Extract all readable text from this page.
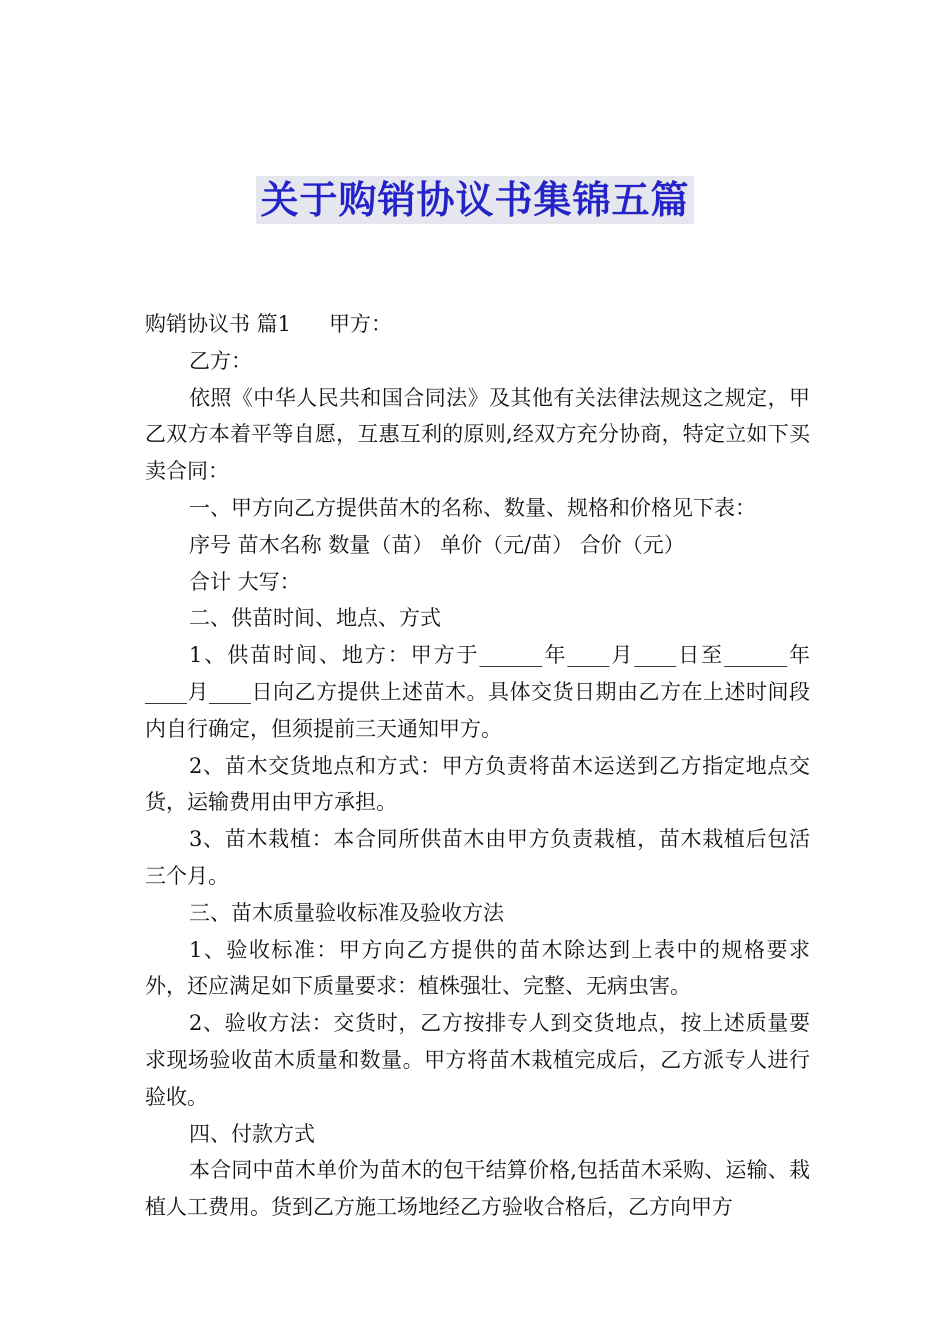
关于购销协议书集锦五篇

购销协议书 篇1 甲方：

乙方：

依照《中华人民共和国合同法》及其他有关法律法规这之规定，甲乙双方本着平等自愿，互惠互利的原则,经双方充分协商，特定立如下买卖合同：

一、甲方向乙方提供苗木的名称、数量、规格和价格见下表：

序号 苗木名称 数量（苗） 单价（元/苗） 合价（元）

合计 大写：

二、供苗时间、地点、方式

1、供苗时间、地方：甲方于______年____月____日至______年____月____日向乙方提供上述苗木。具体交货日期由乙方在上述时间段内自行确定，但须提前三天通知甲方。

2、苗木交货地点和方式：甲方负责将苗木运送到乙方指定地点交货，运输费用由甲方承担。

3、苗木栽植：本合同所供苗木由甲方负责栽植，苗木栽植后包活三个月。

三、苗木质量验收标准及验收方法

1、验收标准：甲方向乙方提供的苗木除达到上表中的规格要求外，还应满足如下质量要求：植株强壮、完整、无病虫害。

2、验收方法：交货时，乙方按排专人到交货地点，按上述质量要求现场验收苗木质量和数量。甲方将苗木栽植完成后，乙方派专人进行验收。

四、付款方式

本合同中苗木单价为苗木的包干结算价格,包括苗木采购、运输、栽植人工费用。货到乙方施工场地经乙方验收合格后，乙方向甲方
